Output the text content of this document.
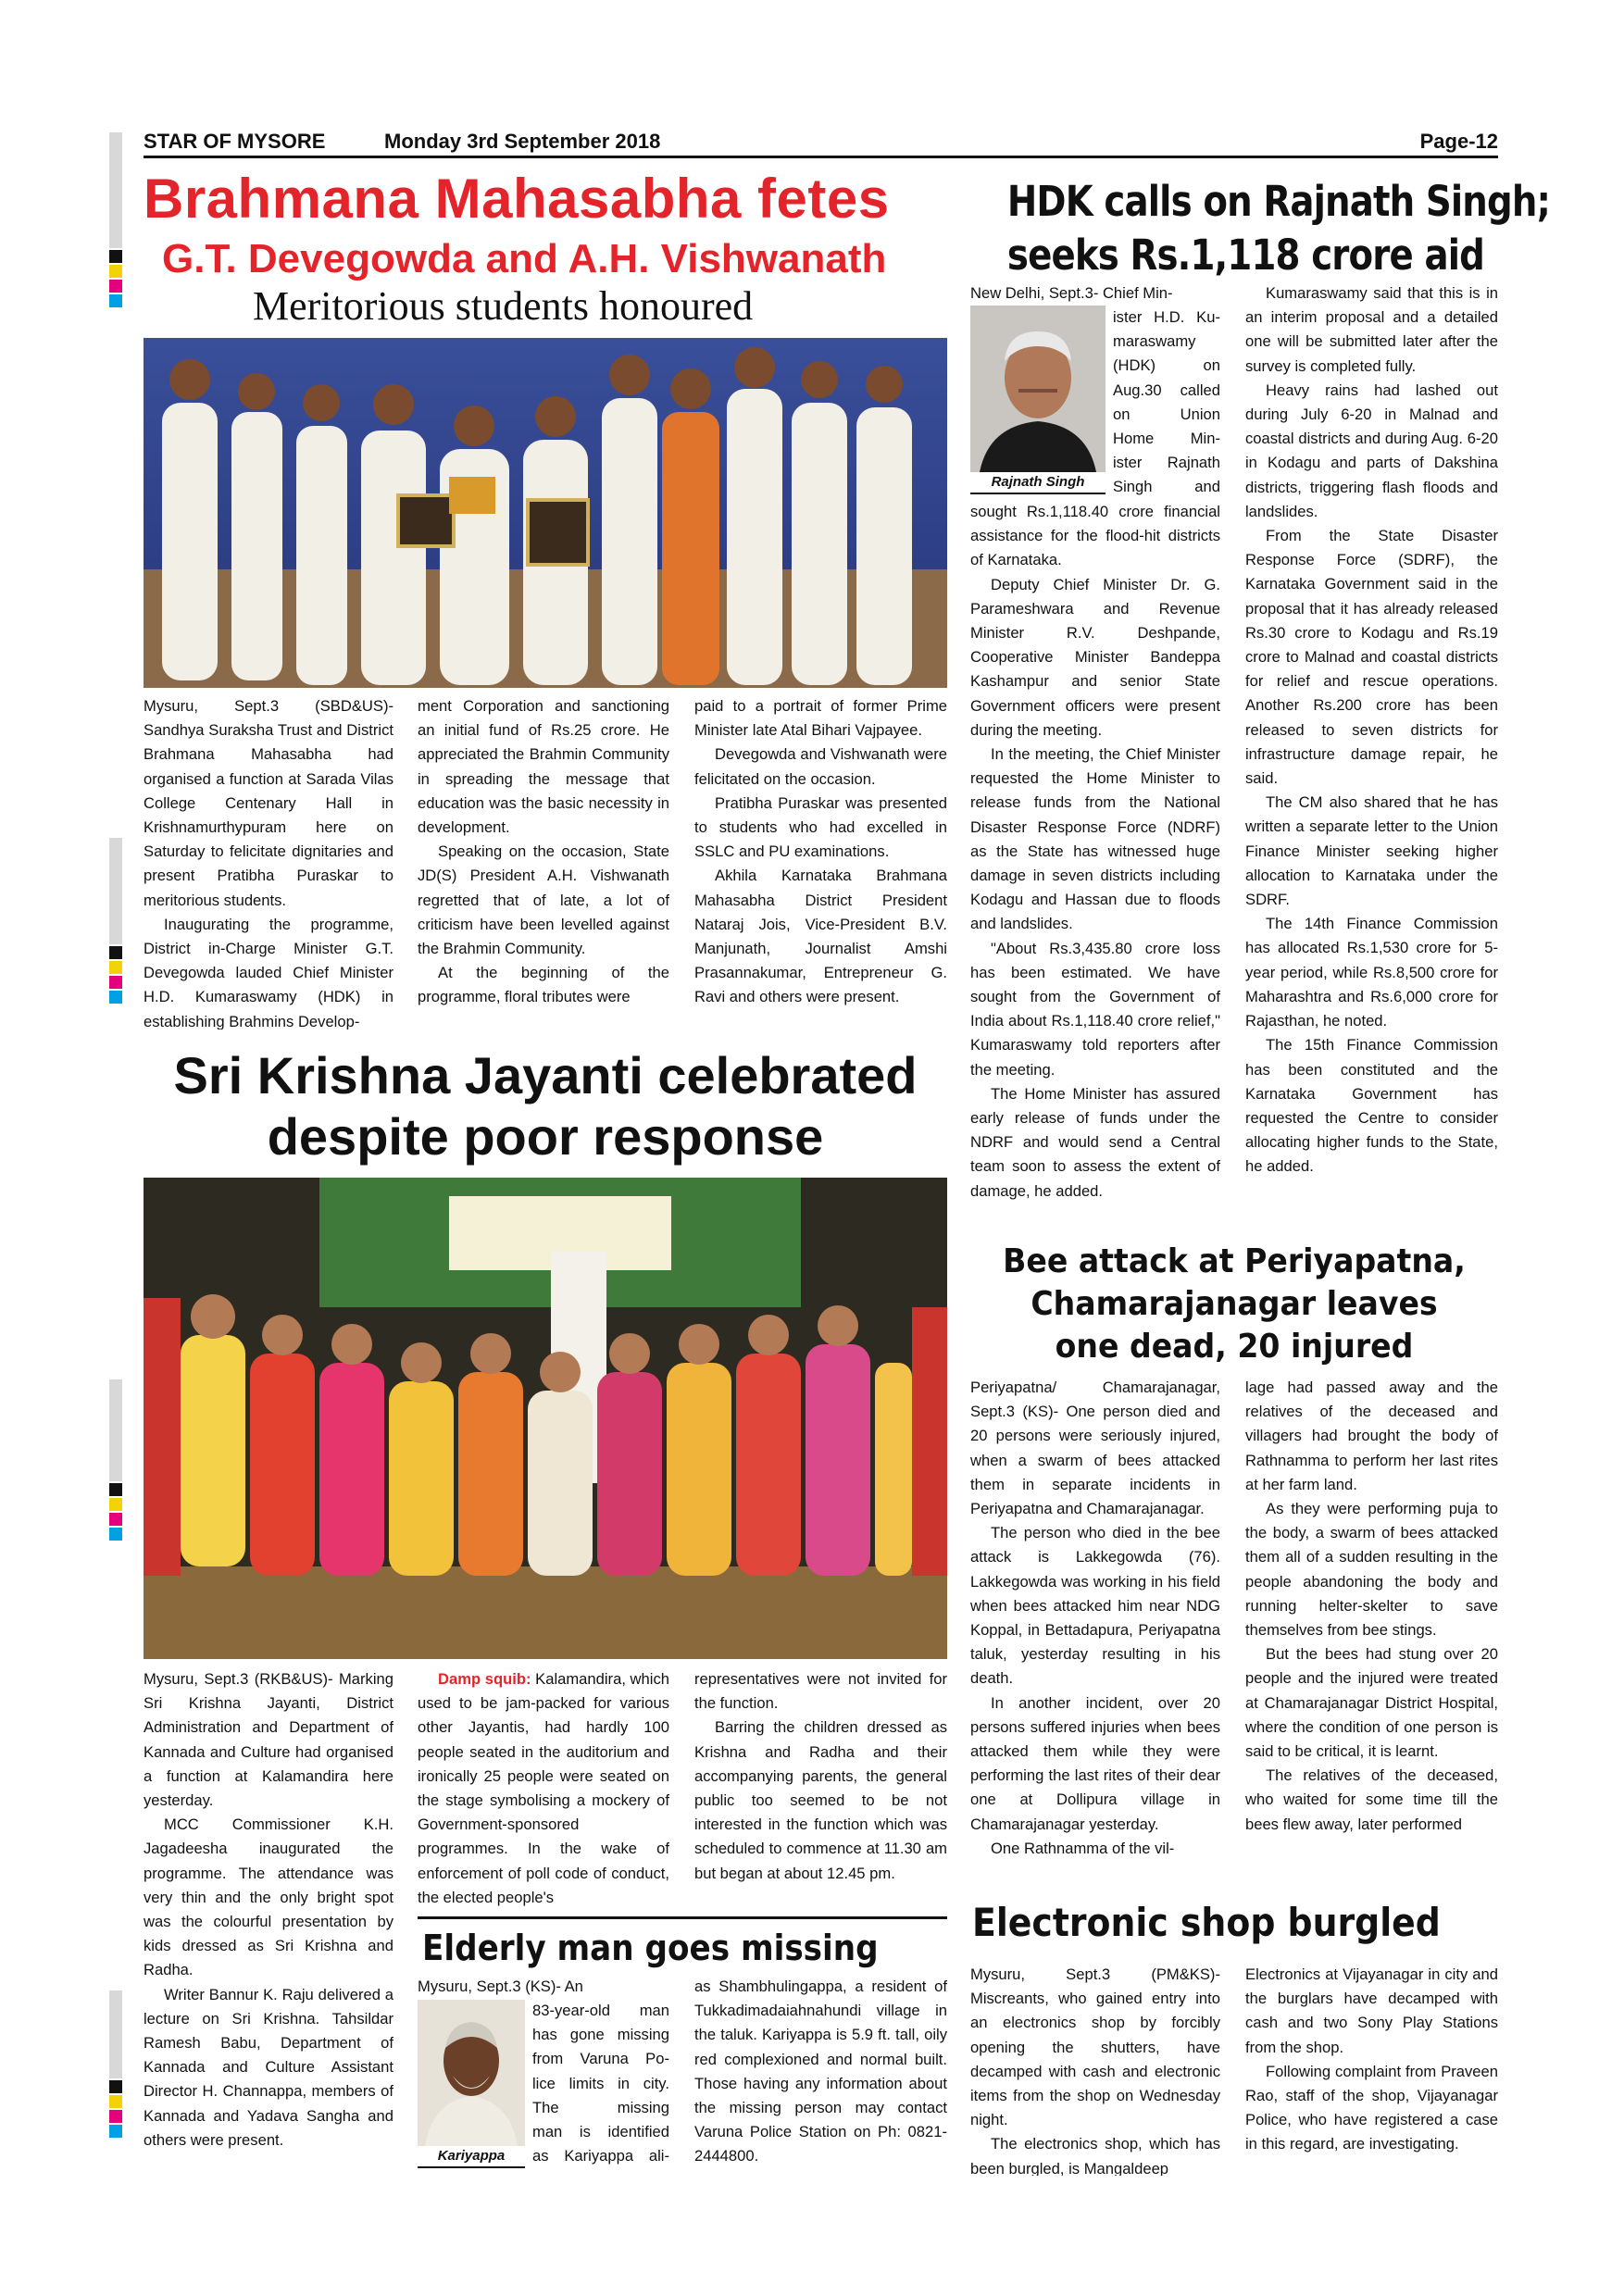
STAR OF MYSORE	Monday 3rd September 2018	Page-12
Brahmana Mahasabha fetes
G.T. Devegowda and A.H. Vishwanath
Meritorious students honoured

Mysuru, Sept.3 (SBD&US)- Sandhya Suraksha Trust and District Brahmana Mahasabha had organised a function at Sarada Vilas College Centenary Hall in Krishnamurthypuram here on Saturday to felicitate dignitaries and present Pratibha Puraskar to meritorious students.

Inaugurating the programme, District in-Charge Minister G.T. Devegowda lauded Chief Minister H.D. Kumaraswamy (HDK) in establishing Brahmins Develop-

ment Corporation and sanctioning an initial fund of Rs.25 crore. He appreciated the Brahmin Community in spreading the message that education was the basic necessity in development.

Speaking on the occasion, State JD(S) President A.H. Vishwanath regretted that of late, a lot of criticism have been levelled against the Brahmin Community.

At the beginning of the programme, floral tributes were

paid to a portrait of former Prime Minister late Atal Bihari Vajpayee.

Devegowda and Vishwanath were felicitated on the occasion.

Pratibha Puraskar was presented to students who had excelled in SSLC and PU examinations.

Akhila Karnataka Brahmana Mahasabha District President Nataraj Jois, Vice-President B.V. Manjunath, Journalist Amshi Prasannakumar, Entrepreneur G. Ravi and others were present.

HDK calls on Rajnath Singh;
seeks Rs.1,118 crore aid
Rajnath Singh

New Delhi, Sept.3- Chief Min-

ister H.D. Ku-

maraswamy

(HDK) on

Aug.30 called

on Union

Home Min-

ister Rajnath

Singh and

sought Rs.1,118.40 crore financial assistance for the flood-hit districts of Karnataka.

Deputy Chief Minister Dr. G. Parameshwara and Revenue Minister R.V. Deshpande, Cooperative Minister Bandeppa Kashampur and senior State Government officers were present during the meeting.

In the meeting, the Chief Minister requested the Home Minister to release funds from the National Disaster Response Force (NDRF) as the State has witnessed huge damage in seven districts including Kodagu and Hassan due to floods and landslides.

"About Rs.3,435.80 crore loss has been estimated. We have sought from the Government of India about Rs.1,118.40 crore relief," Kumaraswamy told reporters after the meeting.

The Home Minister has assured early release of funds under the NDRF and would send a Central team soon to assess the extent of damage, he added.

Kumaraswamy said that this is in an interim proposal and a detailed one will be submitted later after the survey is completed fully.

Heavy rains had lashed out during July 6-20 in Malnad and coastal districts and during Aug. 6-20 in Kodagu and parts of Dakshina districts, triggering flash floods and landslides.

From the State Disaster Response Force (SDRF), the Karnataka Government said in the proposal that it has already released Rs.30 crore to Kodagu and Rs.19 crore to Malnad and coastal districts for relief and rescue operations. Another Rs.200 crore has been released to seven districts for infrastructure damage repair, he said.

The CM also shared that he has written a separate letter to the Union Finance Minister seeking higher allocation to Karnataka under the SDRF.

The 14th Finance Commission has allocated Rs.1,530 crore for 5-year period, while Rs.8,500 crore for Maharashtra and Rs.6,000 crore for Rajasthan, he noted.

The 15th Finance Commission has been constituted and the Karnataka Government has requested the Centre to consider allocating higher funds to the State, he added.

Sri Krishna Jayanti celebrated
despite poor response

Mysuru, Sept.3 (RKB&US)- Marking Sri Krishna Jayanti, District Administration and Department of Kannada and Culture had organised a function at Kalamandira here yesterday.

MCC Commissioner K.H. Jagadeesha inaugurated the programme. The attendance was very thin and the only bright spot was the colourful presentation by kids dressed as Sri Krishna and Radha.

Writer Bannur K. Raju delivered a lecture on Sri Krishna. Tahsildar Ramesh Babu, Department of Kannada and Culture Assistant Director H. Channappa, members of Kannada and Yadava Sangha and others were present.

Damp squib: Kalamandira, which used to be jam-packed for various other Jayantis, had hardly 100 people seated in the auditorium and ironically 25 people were seated on the stage symbolising a mockery of Government-sponsored programmes. In the wake of enforcement of poll code of conduct, the elected people's

representatives were not invited for the function.

Barring the children dressed as Krishna and Radha and their accompanying parents, the general public too seemed to be not interested in the function which was scheduled to commence at 11.30 am but began at about 12.45 pm.

Elderly man goes missing
Kariyappa

Mysuru, Sept.3 (KS)- An

83-year-old man

has gone missing

from Varuna Po-

lice limits in city.

The missing

man is identified

as Kariyappa ali-

as Shambhulingappa, a resident of Tukkadimadaiahnahundi village in the taluk. Kariyappa is 5.9 ft. tall, oily red complexioned and normal built. Those having any information about the missing person may contact Varuna Police Station on Ph: 0821-2444800.

Bee attack at Periyapatna,
Chamarajanagar leaves
one dead, 20 injured

Periyapatna/ Chamarajanagar, Sept.3 (KS)- One person died and 20 persons were seriously injured, when a swarm of bees attacked them in separate incidents in Periyapatna and Chamarajanagar.

The person who died in the bee attack is Lakkegowda (76). Lakkegowda was working in his field when bees attacked him near NDG Koppal, in Bettadapura, Periyapatna taluk, yesterday resulting in his death.

In another incident, over 20 persons suffered injuries when bees attacked them while they were performing the last rites of their dear one at Dollipura village in Chamarajanagar yesterday.

One Rathnamma of the vil-

lage had passed away and the relatives of the deceased and villagers had brought the body of Rathnamma to perform her last rites at her farm land.

As they were performing puja to the body, a swarm of bees attacked them all of a sudden resulting in the people abandoning the body and running helter-skelter to save themselves from bee stings.

But the bees had stung over 20 people and the injured were treated at Chamarajanagar District Hospital, where the condition of one person is said to be critical, it is learnt.

The relatives of the deceased, who waited for some time till the bees flew away, later performed

Electronic shop burgled

Mysuru, Sept.3 (PM&KS)- Miscreants, who gained entry into an electronics shop by forcibly opening the shutters, have decamped with cash and electronic items from the shop on Wednesday night.

The electronics shop, which has been burgled, is Mangaldeep

Electronics at Vijayanagar in city and the burglars have decamped with cash and two Sony Play Stations from the shop.

Following complaint from Praveen Rao, staff of the shop, Vijayanagar Police, who have registered a case in this regard, are investigating.
